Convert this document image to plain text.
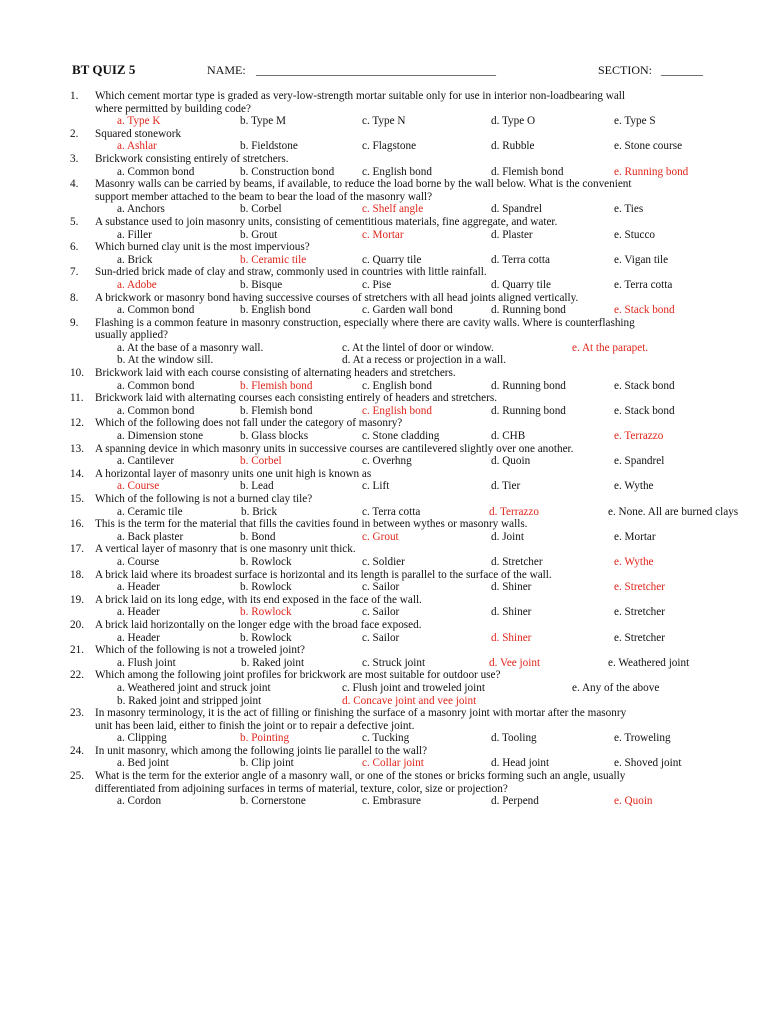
BT QUIZ 5	NAME: ________________________________________	SECTION: _______
1.	Which cement mortar type is graded as very-low-strength mortar suitable only for use in interior non-loadbearing wall
where permitted by building code?
a. Type K	b. Type M	c. Type N	d. Type O	e. Type S
2.	Squared stonework
a. Ashlar	b. Fieldstone	c. Flagstone	d. Rubble	e. Stone course
3.	Brickwork consisting entirely of stretchers.
a. Common bond	b. Construction bond c. English bond	d. Flemish bond	e. Running bond
4.	Masonry walls can be carried by beams, if available, to reduce the load borne by the wall below. What is the convenient
support member attached to the beam to bear the load of the masonry wall?
a. Anchors	b. Corbel	c. Shelf angle	d. Spandrel	e. Ties
5.	A substance used to join masonry units, consisting of cementitious materials, fine aggregate, and water.
a. Filler	b. Grout	c. Mortar	d. Plaster	e. Stucco
6.	Which burned clay unit is the most impervious?
a. Brick	b. Ceramic tile	c. Quarry tile	d. Terra cotta	e. Vigan tile
7.	Sun-dried brick made of clay and straw, commonly used in countries with little rainfall.
a. Adobe	b. Bisque	c. Pise	d. Quarry tile	e. Terra cotta
8.	A brickwork or masonry bond having successive courses of stretchers with all head joints aligned vertically.
a. Common bond	b. English bond	c. Garden wall bond	d. Running bond	e. Stack bond
9.	Flashing is a common feature in masonry construction, especially where there are cavity walls. Where is counterflashing
usually applied?
a. At the base of a masonry wall.	c. At the lintel of door or window.	e. At the parapet.
b. At the window sill.	d. At a recess or projection in a wall.
10. Brickwork laid with each course consisting of alternating headers and stretchers.
a. Common bond	b. Flemish bond	c. English bond	d. Running bond	e. Stack bond
11.	Brickwork laid with alternating courses each consisting entirely of headers and stretchers.
a. Common bond	b. Flemish bond	c. English bond	d. Running bond	e. Stack bond
12. Which of the following does not fall under the category of masonry?
a. Dimension stone	b. Glass blocks	c. Stone cladding	d. CHB	e. Terrazzo
13. A spanning device in which masonry units in successive courses are cantilevered slightly over one another.
a. Cantilever	b. Corbel	c. Overhng	d. Quoin	e. Spandrel
14. A horizontal layer of masonry units one unit high is known as
a. Course	b. Lead	c. Lift	d. Tier	e. Wythe
15. Which of the following is not a burned clay tile?
a. Ceramic tile	b. Brick	c. Terra cotta	d. Terrazzo	e. None. All are burned clays
16. This is the term for the material that fills the cavities found in between wythes or masonry walls.
a. Back plaster	b. Bond	c. Grout	d. Joint	e. Mortar
17. A vertical layer of masonry that is one masonry unit thick.
a. Course	b. Rowlock	c. Soldier	d. Stretcher	e. Wythe
18. A brick laid where its broadest surface is horizontal and its length is parallel to the surface of the wall.
a. Header	b. Rowlock	c. Sailor	d. Shiner	e. Stretcher
19. A brick laid on its long edge, with its end exposed in the face of the wall.
a. Header	b. Rowlock	c. Sailor	d. Shiner	e. Stretcher
20. A brick laid horizontally on the longer edge with the broad face exposed.
a. Header	b. Rowlock	c. Sailor	d. Shiner	e. Stretcher
21. Which of the following is not a troweled joint?
a. Flush joint	b. Raked joint	c. Struck joint	d. Vee joint	e. Weathered joint
22. Which among the following joint profiles for brickwork are most suitable for outdoor use?
a. Weathered joint and struck joint	c. Flush joint and troweled joint	e. Any of the above
b. Raked joint and stripped joint	d. Concave joint and vee joint
23. In masonry terminology, it is the act of filling or finishing the surface of a masonry joint with mortar after the masonry
unit has been laid, either to finish the joint or to repair a defective joint.
a. Clipping	b. Pointing	c. Tucking	d. Tooling	e. Troweling
24. In unit masonry, which among the following joints lie parallel to the wall?
a. Bed joint	b. Clip joint	c. Collar joint	d. Head joint	e. Shoved joint
25. What is the term for the exterior angle of a masonry wall, or one of the stones or bricks forming such an angle, usually
differentiated from adjoining surfaces in terms of material, texture, color, size or projection?
a. Cordon	b. Cornerstone	c. Embrasure	d. Perpend	e. Quoin
